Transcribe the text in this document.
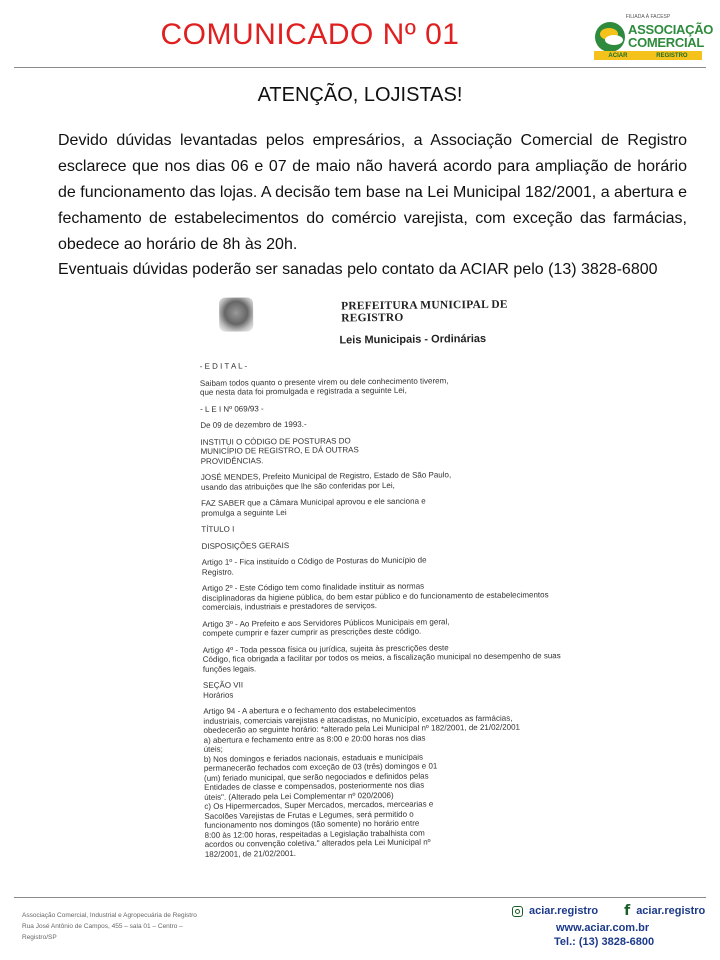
COMUNICADO Nº 01
FILIADA À FACESP
ASSOCIAÇÃO
COMERCIAL
ACIAR	REGISTRO
ATENÇÃO, LOJISTAS!

Devido dúvidas levantadas pelos empresários, a Associação Comercial de Registro esclarece que nos dias 06 e 07 de maio não haverá acordo para ampliação de horário de funcionamento das lojas. A decisão tem base na Lei Municipal 182/2001, a abertura e fechamento de estabelecimentos do comércio varejista, com exceção das farmácias, obedece ao horário de 8h às 20h.

Eventuais dúvidas poderão ser sanadas pelo contato da ACIAR pelo (13) 3828-6800

PREFEITURA MUNICIPAL DE REGISTRO
Leis Municipais - Ordinárias
- E D I T A L -
Saibam todos quanto o presente virem ou dele conhecimento tiverem,
que nesta data foi promulgada e registrada a seguinte Lei,
- L E I Nº 069/93 -
De 09 de dezembro de 1993.-
INSTITUI O CÓDIGO DE POSTURAS DO
MUNICÍPIO DE REGISTRO, E DÁ OUTRAS
PROVIDÊNCIAS.
JOSÉ MENDES, Prefeito Municipal de Registro, Estado de São Paulo,
usando das atribuições que lhe são conferidas por Lei,
FAZ SABER que a Câmara Municipal aprovou e ele sanciona e
promulga a seguinte Lei
TÍTULO I
DISPOSIÇÕES GERAIS
Artigo 1º - Fica instituído o Código de Posturas do Município de
Registro.
Artigo 2º - Este Código tem como finalidade instituir as normas
disciplinadoras da higiene pública, do bem estar público e do funcionamento de estabelecimentos
comerciais, industriais e prestadores de serviços.
Artigo 3º - Ao Prefeito e aos Servidores Públicos Municipais em geral,
compete cumprir e fazer cumprir as prescrições deste código.
Artigo 4º - Toda pessoa física ou jurídica, sujeita às prescrições deste
Código, fica obrigada a facilitar por todos os meios, a fiscalização municipal no desempenho de suas
funções legais.
SEÇÃO VII
Horários
Artigo 94 - A abertura e o fechamento dos estabelecimentos
industriais, comerciais varejistas e atacadistas, no Município, excetuados as farmácias,
obedecerão ao seguinte horário: *alterado pela Lei Municipal nº 182/2001, de 21/02/2001
a) abertura e fechamento entre as 8:00 e 20:00 horas nos dias
úteis;
b) Nos domingos e feriados nacionais, estaduais e municipais
permanecerão fechados com exceção de 03 (três) domingos e 01
(um) feriado municipal, que serão negociados e definidos pelas
Entidades de classe e compensados, posteriormente nos dias
úteis". (Alterado pela Lei Complementar nº 020/2006)
c) Os Hipermercados, Super Mercados, mercados, mercearias e
Sacolões Varejistas de Frutas e Legumes, será permitido o
funcionamento nos domingos (tão somente) no horário entre
8:00 às 12:00 horas, respeitadas a Legislação trabalhista com
acordos ou convenção coletiva." alterados pela Lei Municipal nº
182/2001, de 21/02/2001.
Associação Comercial, Industrial e Agropecuária de Registro
Rua José Antônio de Campos, 455 – sala 01 – Centro –
Registro/SP
aciar.registro f aciar.registro
www.aciar.com.br
Tel.: (13) 3828-6800
